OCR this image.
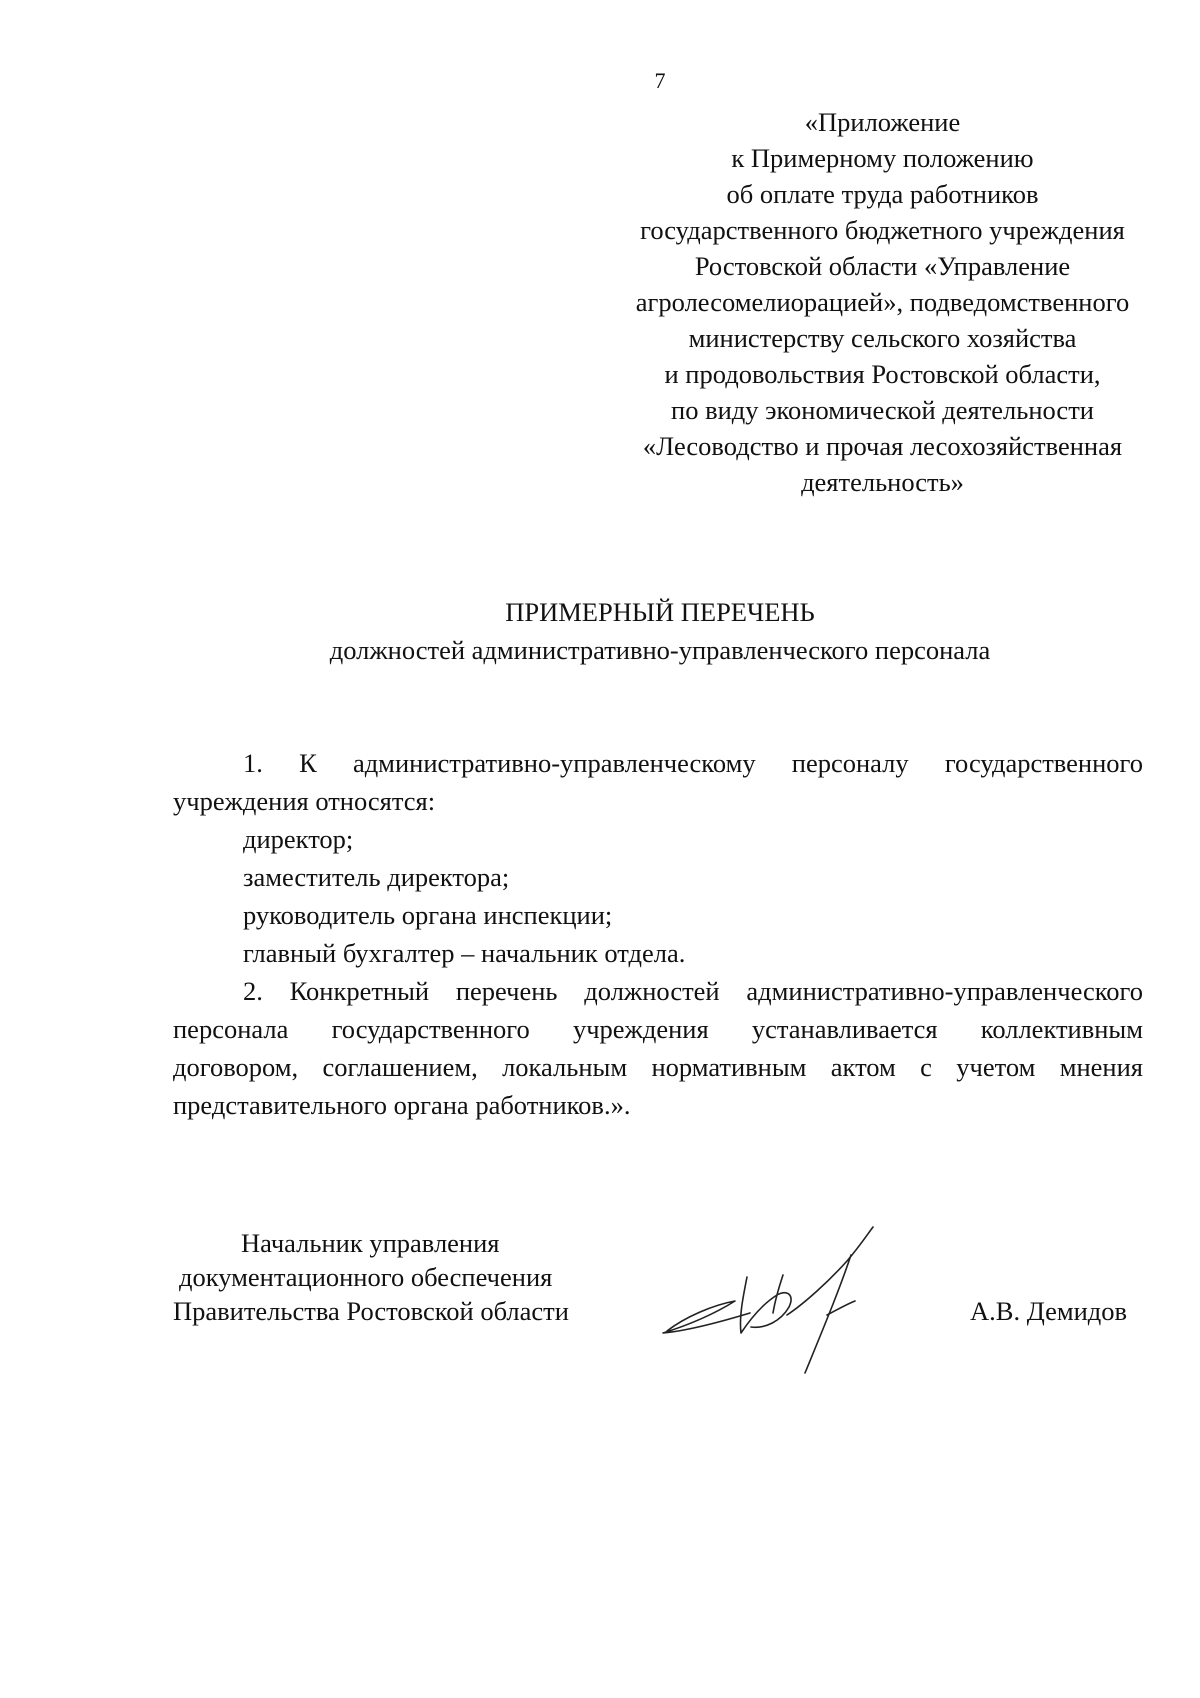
7
«Приложение
к Примерному положению
об оплате труда работников
государственного бюджетного учреждения
Ростовской области «Управление
агролесомелиорацией», подведомственного
министерству сельского хозяйства
и продовольствия Ростовской области,
по виду экономической деятельности
«Лесоводство и прочая лесохозяйственная
деятельность»
ПРИМЕРНЫЙ ПЕРЕЧЕНЬ
должностей административно-управленческого персонала
1. К административно-управленческому персоналу государственного
учреждения относятся:
директор;
заместитель директора;
руководитель органа инспекции;
главный бухгалтер – начальник отдела.
2. Конкретный перечень должностей административно-управленческого
персонала государственного учреждения устанавливается коллективным
договором, соглашением, локальным нормативным актом с учетом мнения
представительного органа работников.».
Начальник управления
документационного обеспечения
Правительства Ростовской области	А.В. Демидов
